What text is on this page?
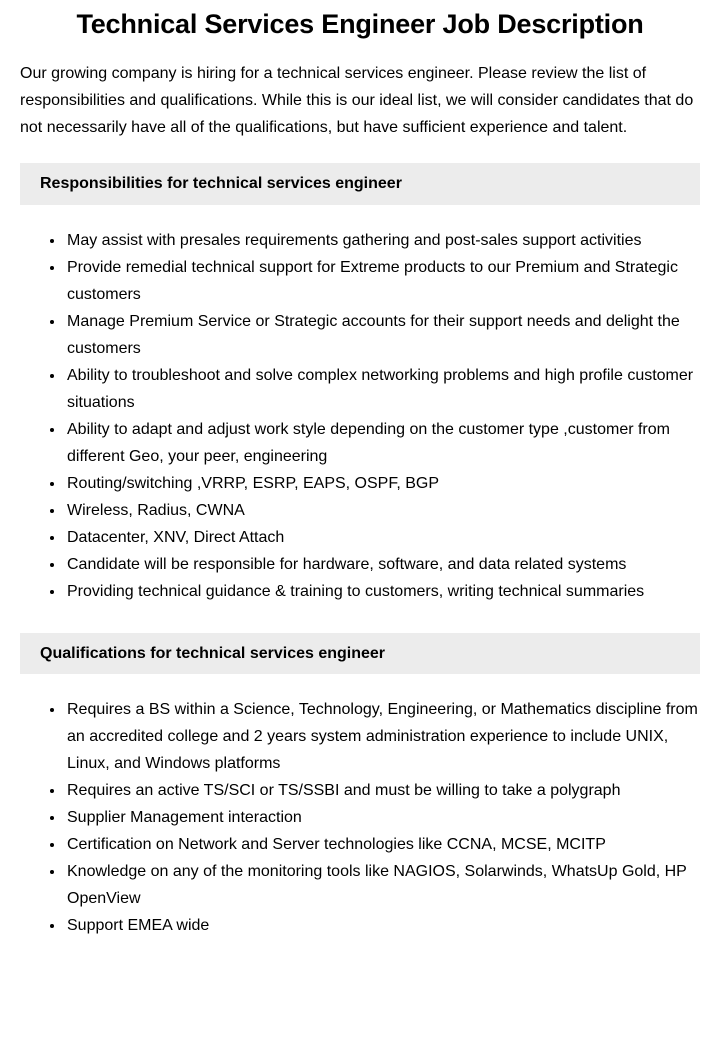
Technical Services Engineer Job Description

Our growing company is hiring for a technical services engineer. Please review the list of responsibilities and qualifications. While this is our ideal list, we will consider candidates that do not necessarily have all of the qualifications, but have sufficient experience and talent.

Responsibilities for technical services engineer
• May assist with presales requirements gathering and post-sales support activities
• Provide remedial technical support for Extreme products to our Premium and Strategic customers
• Manage Premium Service or Strategic accounts for their support needs and delight the customers
• Ability to troubleshoot and solve complex networking problems and high profile customer situations
• Ability to adapt and adjust work style depending on the customer type ,customer from different Geo, your peer, engineering
• Routing/switching ,VRRP, ESRP, EAPS, OSPF, BGP
• Wireless, Radius, CWNA
• Datacenter, XNV, Direct Attach
• Candidate will be responsible for hardware, software, and data related systems
• Providing technical guidance & training to customers, writing technical summaries
Qualifications for technical services engineer
• Requires a BS within a Science, Technology, Engineering, or Mathematics discipline from an accredited college and 2 years system administration experience to include UNIX, Linux, and Windows platforms
• Requires an active TS/SCI or TS/SSBI and must be willing to take a polygraph
• Supplier Management interaction
• Certification on Network and Server technologies like CCNA, MCSE, MCITP
• Knowledge on any of the monitoring tools like NAGIOS, Solarwinds, WhatsUp Gold, HP OpenView
• Support EMEA wide
